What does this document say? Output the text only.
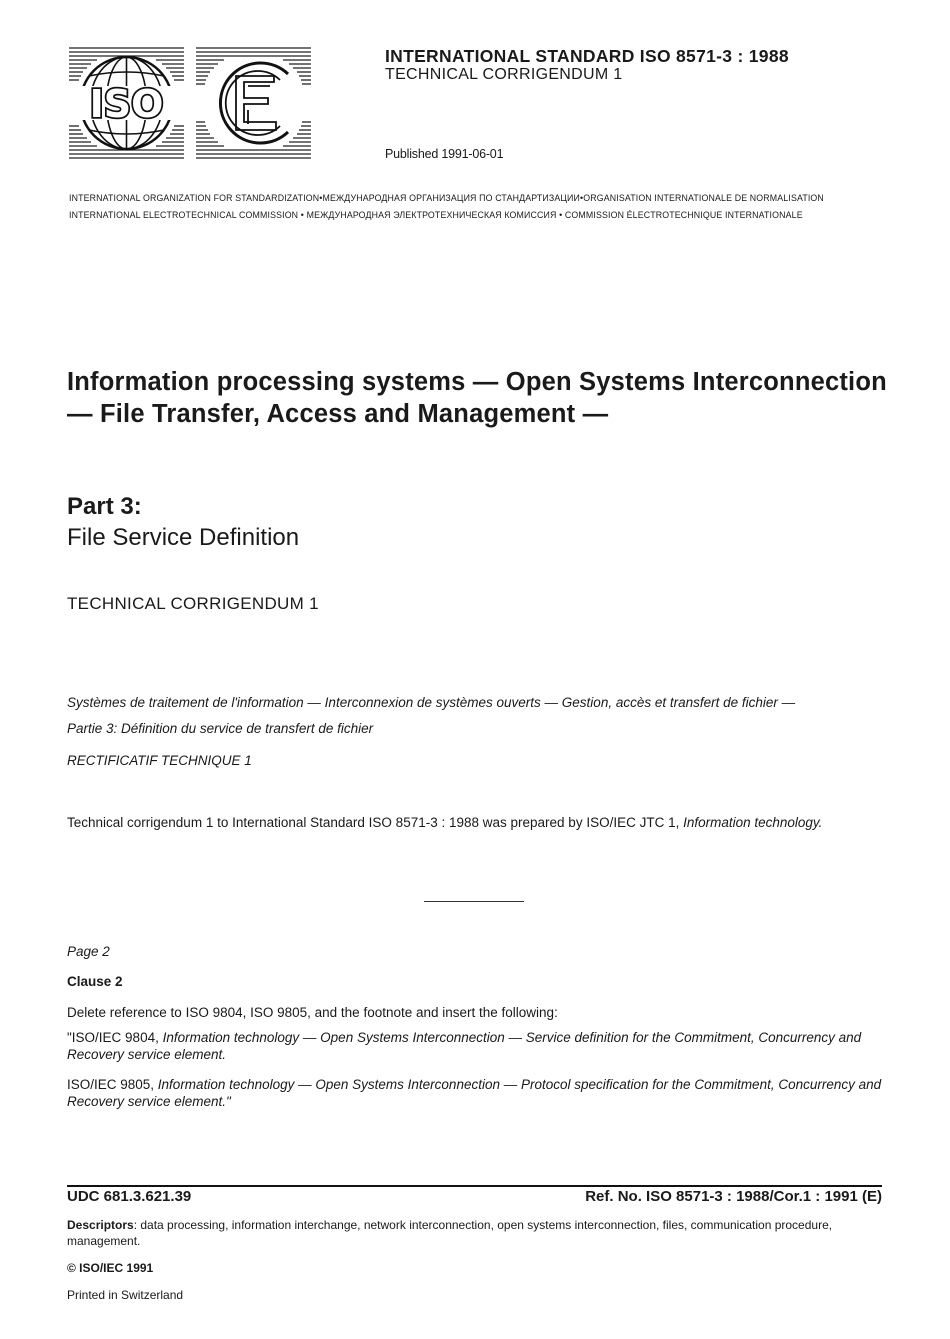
ISO
INTERNATIONAL STANDARD ISO 8571-3 : 1988
TECHNICAL CORRIGENDUM 1
Published 1991-06-01
INTERNATIONAL ORGANIZATION FOR STANDARDIZATION•МЕЖДУНАРОДНАЯ ОРГАНИЗАЦИЯ ПО СТАНДАРТИЗАЦИИ•ORGANISATION INTERNATIONALE DE NORMALISATION
INTERNATIONAL ELECTROTECHNICAL COMMISSION • МЕЖДУНАРОДНАЯ ЭЛЕКТРОТЕХНИЧЕСКАЯ КОМИССИЯ • COMMISSION ÉLECTROTECHNIQUE INTERNATIONALE
Information processing systems — Open Systems Interconnection — File Transfer, Access and Management —
Part 3:
File Service Definition
TECHNICAL CORRIGENDUM 1
Systèmes de traitement de l'information — Interconnexion de systèmes ouverts — Gestion, accès et transfert de fichier —
Partie 3: Définition du service de transfert de fichier
RECTIFICATIF TECHNIQUE 1
Technical corrigendum 1 to International Standard ISO 8571-3 : 1988 was prepared by ISO/IEC JTC 1, Information technology.
Page 2
Clause 2
Delete reference to ISO 9804, ISO 9805, and the footnote and insert the following:
"ISO/IEC 9804, Information technology — Open Systems Interconnection — Service definition for the Commitment, Concurrency and Recovery service element.
ISO/IEC 9805, Information technology — Open Systems Interconnection — Protocol specification for the Commitment, Concurrency and Recovery service element."
UDC 681.3.621.39	Ref. No. ISO 8571-3 : 1988/Cor.1 : 1991 (E)
Descriptors: data processing, information interchange, network interconnection, open systems interconnection, files, communication procedure, management.
© ISO/IEC 1991
Printed in Switzerland
